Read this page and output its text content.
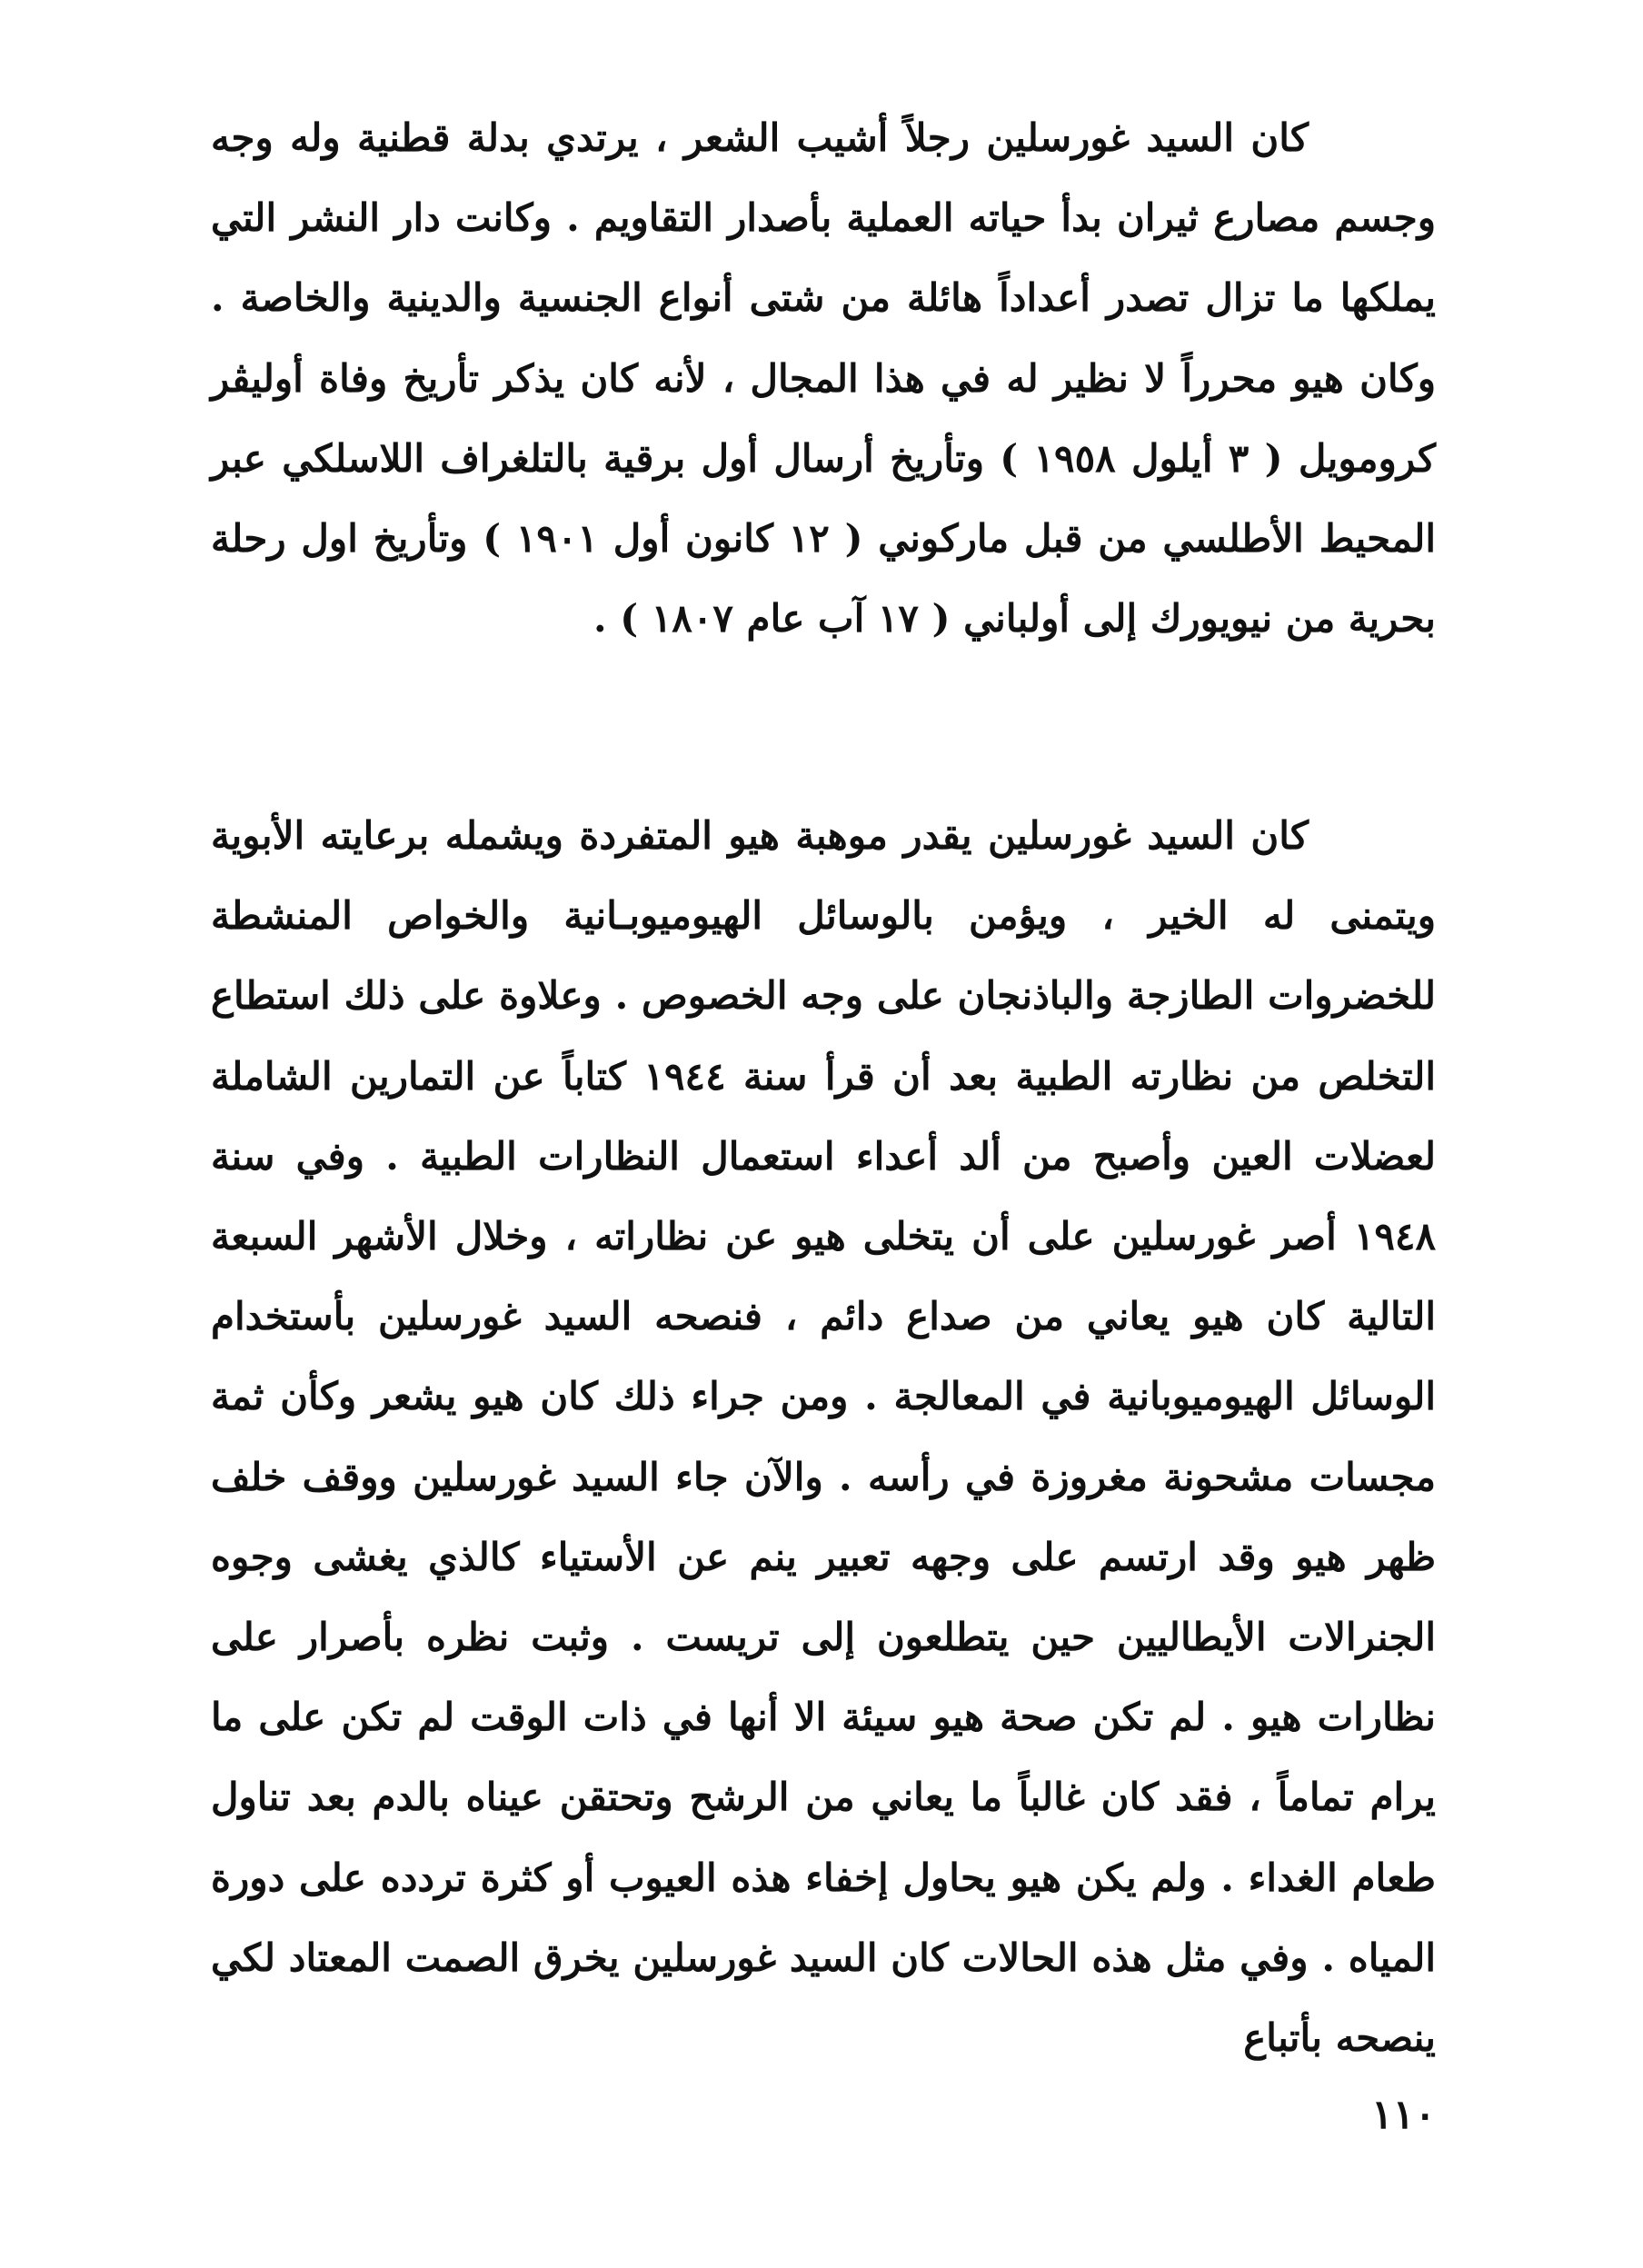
كان السيد غورسلين رجلاً أشيب الشعر ، يرتدي بدلة قطنية وله وجه وجسم مصارع ثيران بدأ حياته العملية بأصدار التقاويم . وكانت دار النشر التي يملكها ما تزال تصدر أعداداً هائلة من شتى أنواع الجنسية والدينية والخاصة . وكان هيو محرراً لا نظير له في هذا المجال ، لأنه كان يذكر تأريخ وفاة أوليڤر كرومويل ( ٣ أيلول ١٩٥٨ ) وتأريخ أرسال أول برقية بالتلغراف اللاسلكي عبر المحيط الأطلسي من قبل ماركوني ( ١٢ كانون أول ١٩٠١ ) وتأريخ اول رحلة بحرية من نيويورك إلى أولباني ( ١٧ آب عام ١٨٠٧ ) .

كان السيد غورسلين يقدر موهبة هيو المتفردة ويشمله برعايته الأبوية ويتمنى له الخير ، ويؤمن بالوسائل الهيوميوبـانية والخواص المنشطة للخضروات الطازجة والباذنجان على وجه الخصوص . وعلاوة على ذلك استطاع التخلص من نظارته الطبية بعد أن قرأ سنة ١٩٤٤ كتاباً عن التمارين الشاملة لعضلات العين وأصبح من ألد أعداء استعمال النظارات الطبية . وفي سنة ١٩٤٨ أصر غورسلين على أن يتخلى هيو عن نظاراته ، وخلال الأشهر السبعة التالية كان هيو يعاني من صداع دائم ، فنصحه السيد غورسلين بأستخدام الوسائل الهيوميوبانية في المعالجة . ومن جراء ذلك كان هيو يشعر وكأن ثمة مجسات مشحونة مغروزة في رأسه . والآن جاء السيد غورسلين ووقف خلف ظهر هيو وقد ارتسم على وجهه تعبير ينم عن الأستياء كالذي يغشى وجوه الجنرالات الأيطاليين حين يتطلعون إلى تريست . وثبت نظره بأصرار على نظارات هيو . لم تكن صحة هيو سيئة الا أنها في ذات الوقت لم تكن على ما يرام تماماً ، فقد كان غالباً ما يعاني من الرشح وتحتقن عيناه بالدم بعد تناول طعام الغداء . ولم يكن هيو يحاول إخفاء هذه العيوب أو كثرة تردده على دورة المياه . وفي مثل هذه الحالات كان السيد غورسلين يخرق الصمت المعتاد لكي ينصحه بأتباع

١١٠
